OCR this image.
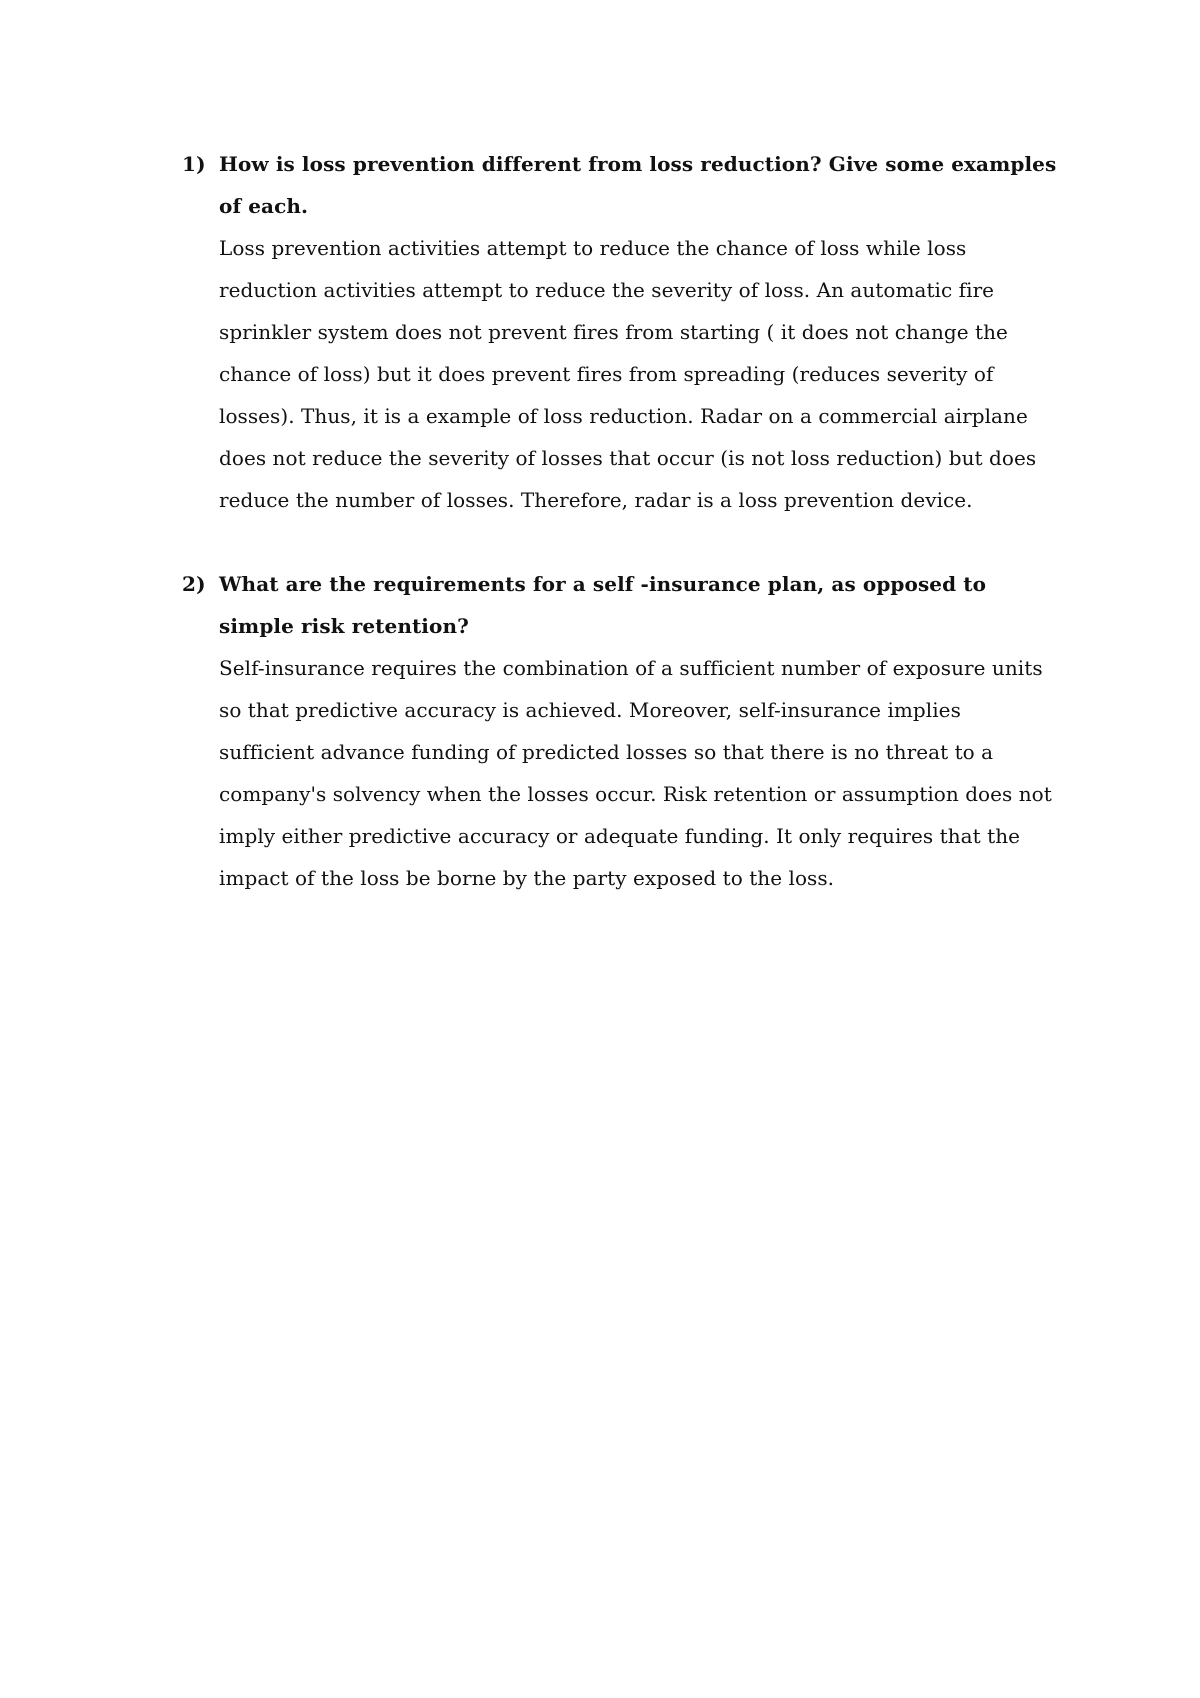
1) How is loss prevention different from loss reduction? Give some examples of each.

Loss prevention activities attempt to reduce the chance of loss while loss reduction activities attempt to reduce the severity of loss. An automatic fire sprinkler system does not prevent fires from starting ( it does not change the chance of loss) but it does prevent fires from spreading (reduces severity of losses). Thus, it is a example of loss reduction. Radar on a commercial airplane does not reduce the severity of losses that occur (is not loss reduction) but does reduce the number of losses. Therefore, radar is a loss prevention device.

2) What are the requirements for a self -insurance plan, as opposed to simple risk retention?

Self-insurance requires the combination of a sufficient number of exposure units so that predictive accuracy is achieved. Moreover, self-insurance implies sufficient advance funding of predicted losses so that there is no threat to a company's solvency when the losses occur. Risk retention or assumption does not imply either predictive accuracy or adequate funding. It only requires that the impact of the loss be borne by the party exposed to the loss.
